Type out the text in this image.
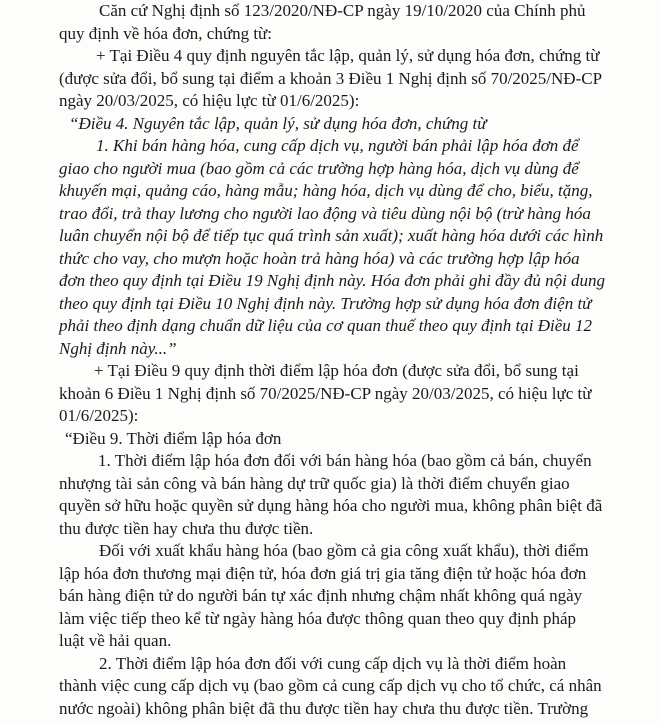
Căn cứ Nghị định số 123/2020/NĐ-CP ngày 19/10/2020 của Chính phủ
quy định về hóa đơn, chứng từ:
+ Tại Điều 4 quy định nguyên tắc lập, quản lý, sử dụng hóa đơn, chứng từ
(được sửa đổi, bổ sung tại điểm a khoản 3 Điều 1 Nghị định số 70/2025/NĐ-CP
ngày 20/03/2025, có hiệu lực từ 01/6/2025):
“Điều 4. Nguyên tắc lập, quản lý, sử dụng hóa đơn, chứng từ
1. Khi bán hàng hóa, cung cấp dịch vụ, người bán phải lập hóa đơn để
giao cho người mua (bao gồm cả các trường hợp hàng hóa, dịch vụ dùng để
khuyến mại, quảng cáo, hàng mẫu; hàng hóa, dịch vụ dùng để cho, biếu, tặng,
trao đổi, trả thay lương cho người lao động và tiêu dùng nội bộ (trừ hàng hóa
luân chuyển nội bộ để tiếp tục quá trình sản xuất); xuất hàng hóa dưới các hình
thức cho vay, cho mượn hoặc hoàn trả hàng hóa) và các trường hợp lập hóa
đơn theo quy định tại Điều 19 Nghị định này. Hóa đơn phải ghi đầy đủ nội dung
theo quy định tại Điều 10 Nghị định này. Trường hợp sử dụng hóa đơn điện tử
phải theo định dạng chuẩn dữ liệu của cơ quan thuế theo quy định tại Điều 12
Nghị định này...”
+ Tại Điều 9 quy định thời điểm lập hóa đơn (được sửa đổi, bổ sung tại
khoản 6 Điều 1 Nghị định số 70/2025/NĐ-CP ngày 20/03/2025, có hiệu lực từ
01/6/2025):
“Điều 9. Thời điểm lập hóa đơn
1. Thời điểm lập hóa đơn đối với bán hàng hóa (bao gồm cả bán, chuyển
nhượng tài sản công và bán hàng dự trữ quốc gia) là thời điểm chuyển giao
quyền sở hữu hoặc quyền sử dụng hàng hóa cho người mua, không phân biệt đã
thu được tiền hay chưa thu được tiền.
Đối với xuất khẩu hàng hóa (bao gồm cả gia công xuất khẩu), thời điểm
lập hóa đơn thương mại điện tử, hóa đơn giá trị gia tăng điện tử hoặc hóa đơn
bán hàng điện tử do người bán tự xác định nhưng chậm nhất không quá ngày
làm việc tiếp theo kể từ ngày hàng hóa được thông quan theo quy định pháp
luật về hải quan.
2. Thời điểm lập hóa đơn đối với cung cấp dịch vụ là thời điểm hoàn
thành việc cung cấp dịch vụ (bao gồm cả cung cấp dịch vụ cho tổ chức, cá nhân
nước ngoài) không phân biệt đã thu được tiền hay chưa thu được tiền. Trường
